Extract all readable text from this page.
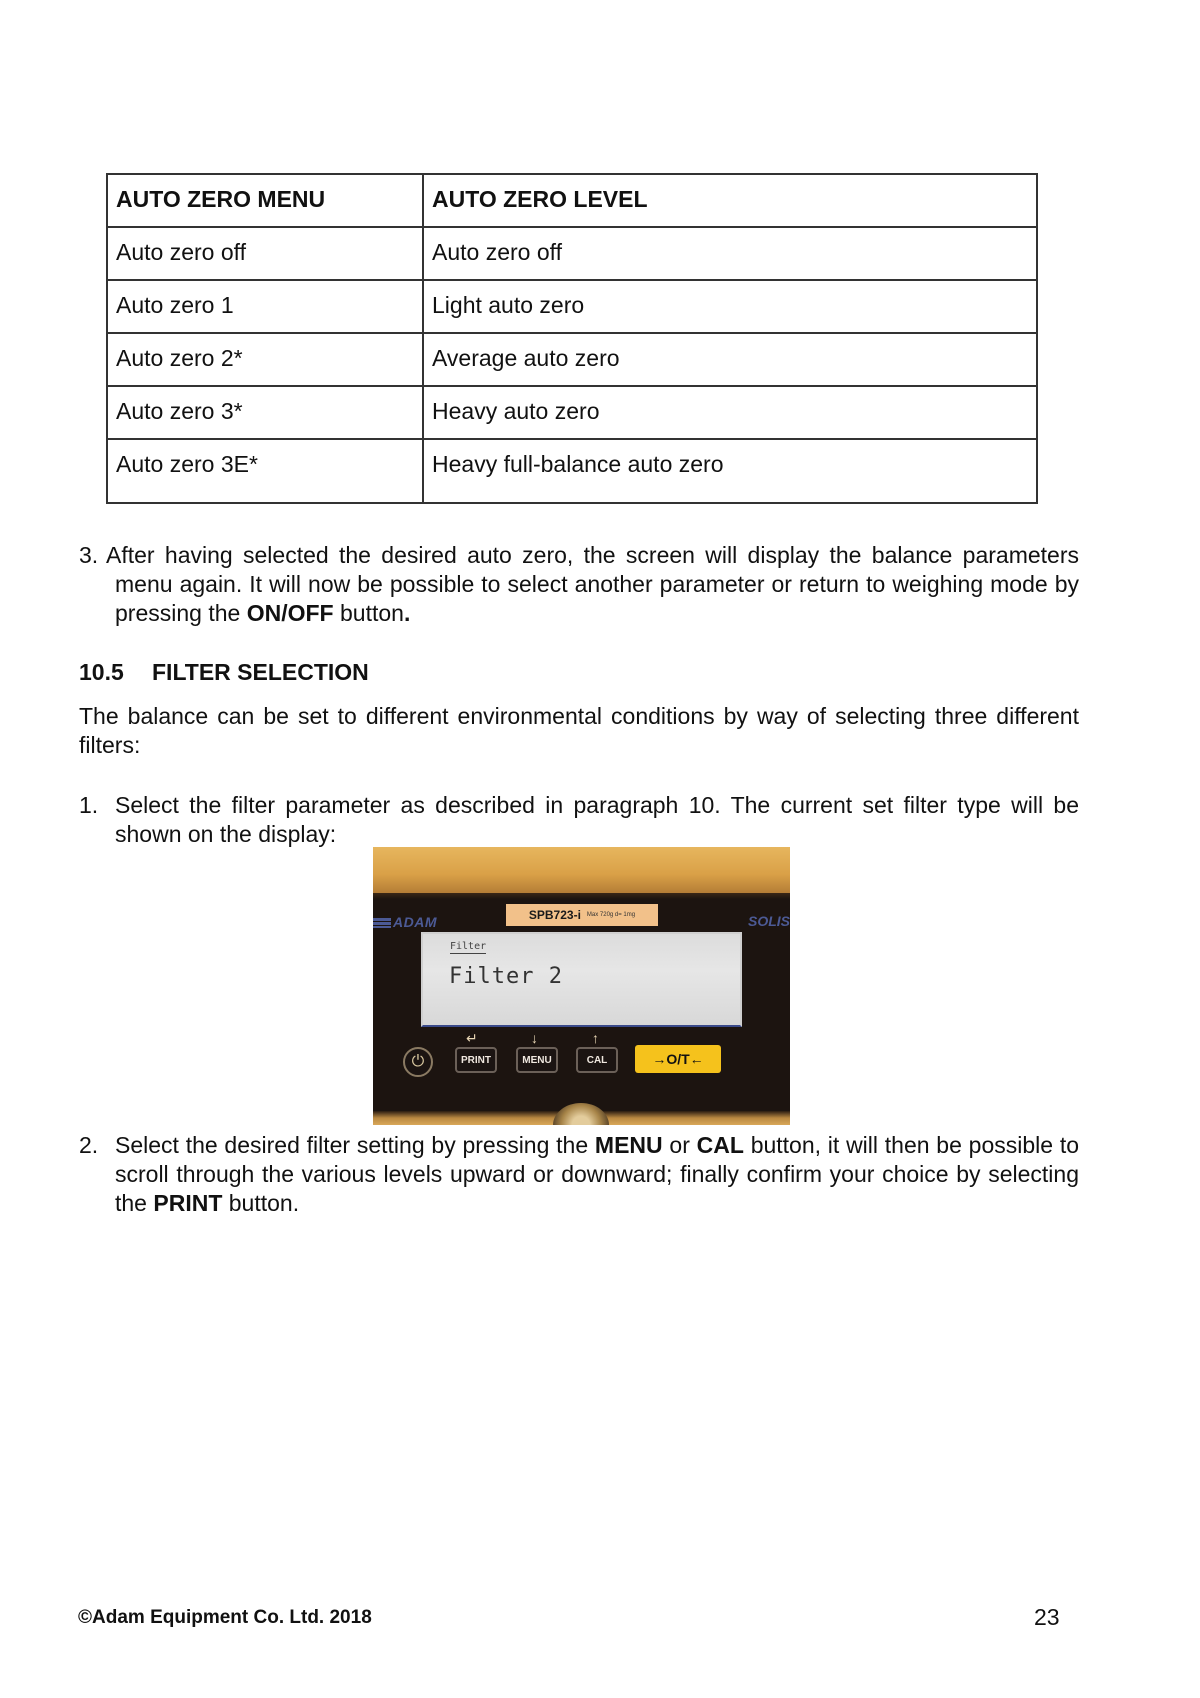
AUTO ZERO MENU	AUTO ZERO LEVEL
Auto zero off	Auto zero off
Auto zero 1	Light auto zero
Auto zero 2*	Average auto zero
Auto zero 3*	Heavy auto zero
Auto zero 3E*	Heavy full-balance auto zero

3. After having selected the desired auto zero, the screen will display the balance parameters menu again. It will now be possible to select another parameter or return to weighing mode by pressing the ON/OFF button.

10.5 FILTER SELECTION

The balance can be set to different environmental conditions by way of selecting three different filters:

1. Select the filter parameter as described in paragraph 10. The current set filter type will be shown on the display:

ADAM	SOLIS
SPB723-i Max 720g d= 1mg
Filter
Filter 2
⏻
↵
PRINT
↓
MENU
↑
CAL	→O/T←

2. Select the desired filter setting by pressing the MENU or CAL button, it will then be possible to scroll through the various levels upward or downward; finally confirm your choice by selecting the PRINT button.

©Adam Equipment Co. Ltd. 2018	23
